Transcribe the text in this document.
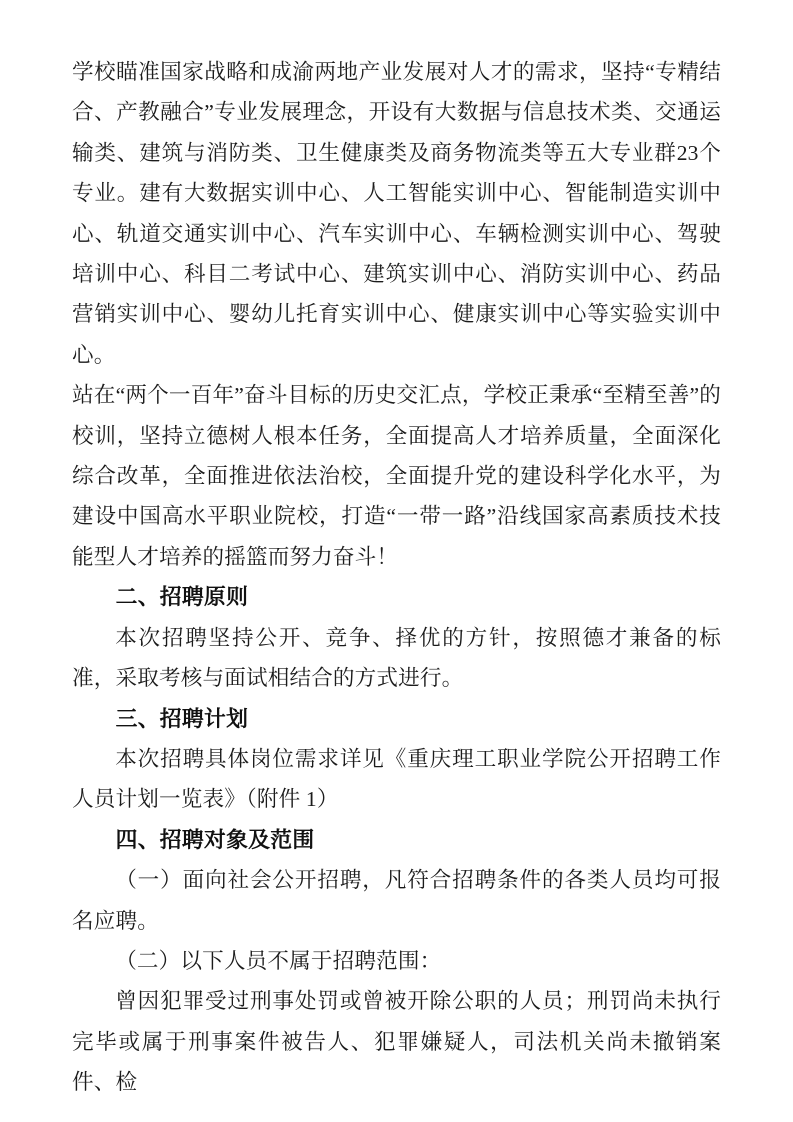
学校瞄准国家战略和成渝两地产业发展对人才的需求，坚持“专精结合、产教融合”专业发展理念，开设有大数据与信息技术类、交通运输类、建筑与消防类、卫生健康类及商务物流类等五大专业群23个专业。建有大数据实训中心、人工智能实训中心、智能制造实训中心、轨道交通实训中心、汽车实训中心、车辆检测实训中心、驾驶培训中心、科目二考试中心、建筑实训中心、消防实训中心、药品营销实训中心、婴幼儿托育实训中心、健康实训中心等实验实训中心。

站在“两个一百年”奋斗目标的历史交汇点，学校正秉承“至精至善”的校训，坚持立德树人根本任务，全面提高人才培养质量，全面深化综合改革，全面推进依法治校，全面提升党的建设科学化水平，为建设中国高水平职业院校，打造“一带一路”沿线国家高素质技术技能型人才培养的摇篮而努力奋斗！

二、招聘原则

本次招聘坚持公开、竞争、择优的方针，按照德才兼备的标准，采取考核与面试相结合的方式进行。

三、招聘计划

本次招聘具体岗位需求详见《重庆理工职业学院公开招聘工作人员计划一览表》（附件 1）

四、招聘对象及范围

（一）面向社会公开招聘，凡符合招聘条件的各类人员均可报名应聘。

（二）以下人员不属于招聘范围：

曾因犯罪受过刑事处罚或曾被开除公职的人员；刑罚尚未执行完毕或属于刑事案件被告人、犯罪嫌疑人，司法机关尚未撤销案件、检
